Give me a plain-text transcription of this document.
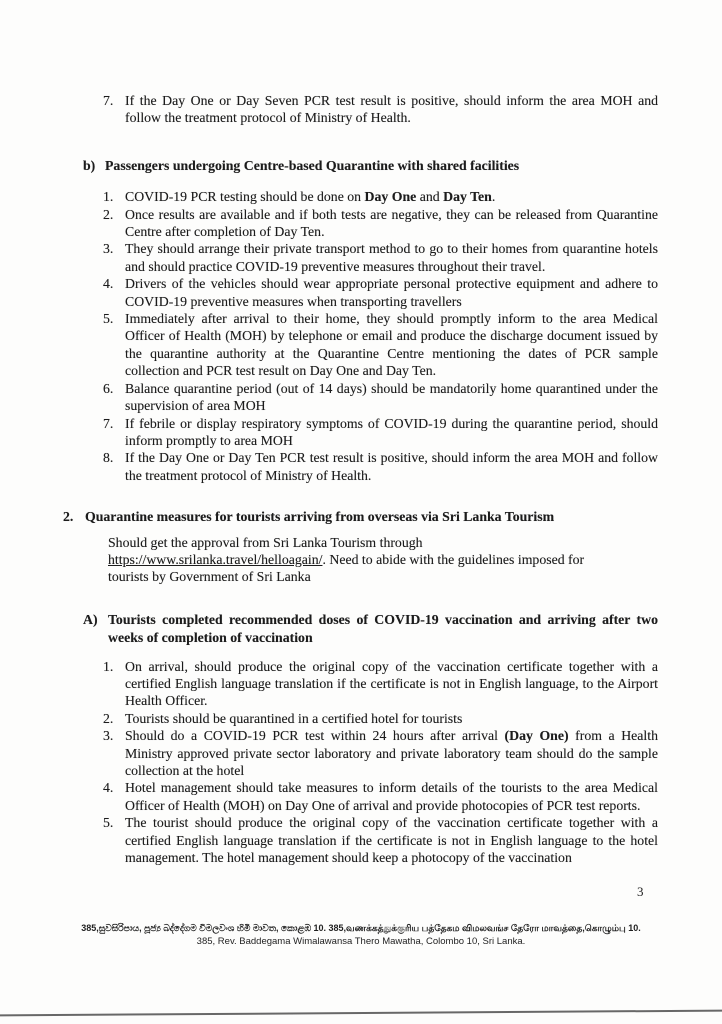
7. If the Day One or Day Seven PCR test result is positive, should inform the area MOH and follow the treatment protocol of Ministry of Health.
b) Passengers undergoing Centre-based Quarantine with shared facilities
1. COVID-19 PCR testing should be done on Day One and Day Ten.
2. Once results are available and if both tests are negative, they can be released from Quarantine Centre after completion of Day Ten.
3. They should arrange their private transport method to go to their homes from quarantine hotels and should practice COVID-19 preventive measures throughout their travel.
4. Drivers of the vehicles should wear appropriate personal protective equipment and adhere to COVID-19 preventive measures when transporting travellers
5. Immediately after arrival to their home, they should promptly inform to the area Medical Officer of Health (MOH) by telephone or email and produce the discharge document issued by the quarantine authority at the Quarantine Centre mentioning the dates of PCR sample collection and PCR test result on Day One and Day Ten.
6. Balance quarantine period (out of 14 days) should be mandatorily home quarantined under the supervision of area MOH
7. If febrile or display respiratory symptoms of COVID-19 during the quarantine period, should inform promptly to area MOH
8. If the Day One or Day Ten PCR test result is positive, should inform the area MOH and follow the treatment protocol of Ministry of Health.
2. Quarantine measures for tourists arriving from overseas via Sri Lanka Tourism
Should get the approval from Sri Lanka Tourism through
https://www.srilanka.travel/helloagain/. Need to abide with the guidelines imposed for
tourists by Government of Sri Lanka
A) Tourists completed recommended doses of COVID-19 vaccination and arriving after two weeks of completion of vaccination
1. On arrival, should produce the original copy of the vaccination certificate together with a certified English language translation if the certificate is not in English language, to the Airport Health Officer.
2. Tourists should be quarantined in a certified hotel for tourists
3. Should do a COVID-19 PCR test within 24 hours after arrival (Day One) from a Health Ministry approved private sector laboratory and private laboratory team should do the sample collection at the hotel
4. Hotel management should take measures to inform details of the tourists to the area Medical Officer of Health (MOH) on Day One of arrival and provide photocopies of PCR test reports.
5. The tourist should produce the original copy of the vaccination certificate together with a certified English language translation if the certificate is not in English language to the hotel management. The hotel management should keep a photocopy of the vaccination
3
385,සුවසිරිපාය, පූජ්‍ය බද්දේගම විමලවංශ හිමි මාවත, කොළඹ 10. 385,வணக்கத்துக்குரிய பத்தேகம விமலவங்ச தேரோ மாவத்தை,கொழும்பு 10.
385, Rev. Baddegama Wimalawansa Thero Mawatha, Colombo 10, Sri Lanka.
